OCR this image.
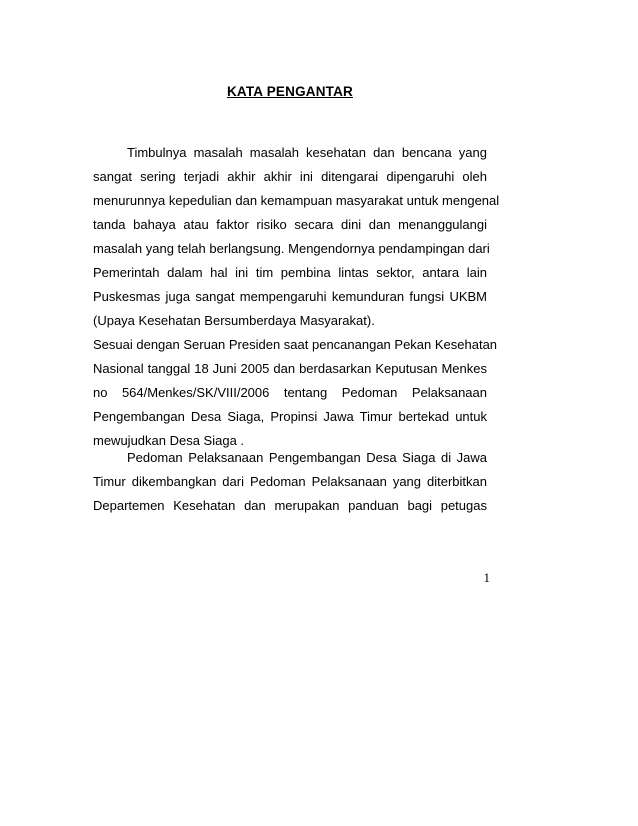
KATA PENGANTAR
Timbulnya masalah masalah kesehatan dan bencana yang
sangat sering terjadi akhir akhir ini ditengarai dipengaruhi oleh
menurunnya kepedulian dan kemampuan masyarakat untuk mengenal
tanda bahaya atau faktor risiko secara dini dan menanggulangi
masalah yang telah berlangsung. Mengendornya pendampingan dari
Pemerintah dalam hal ini tim pembina lintas sektor, antara lain
Puskesmas juga sangat mempengaruhi kemunduran fungsi UKBM
(Upaya Kesehatan Bersumberdaya Masyarakat).
Sesuai dengan Seruan Presiden saat pencanangan Pekan Kesehatan
Nasional tanggal 18 Juni 2005 dan berdasarkan Keputusan Menkes
no 564/Menkes/SK/VIII/2006 tentang Pedoman Pelaksanaan
Pengembangan Desa Siaga, Propinsi Jawa Timur bertekad untuk
mewujudkan Desa Siaga .
Pedoman Pelaksanaan Pengembangan Desa Siaga di Jawa
Timur dikembangkan dari Pedoman Pelaksanaan yang diterbitkan
Departemen Kesehatan dan merupakan panduan bagi petugas
1
